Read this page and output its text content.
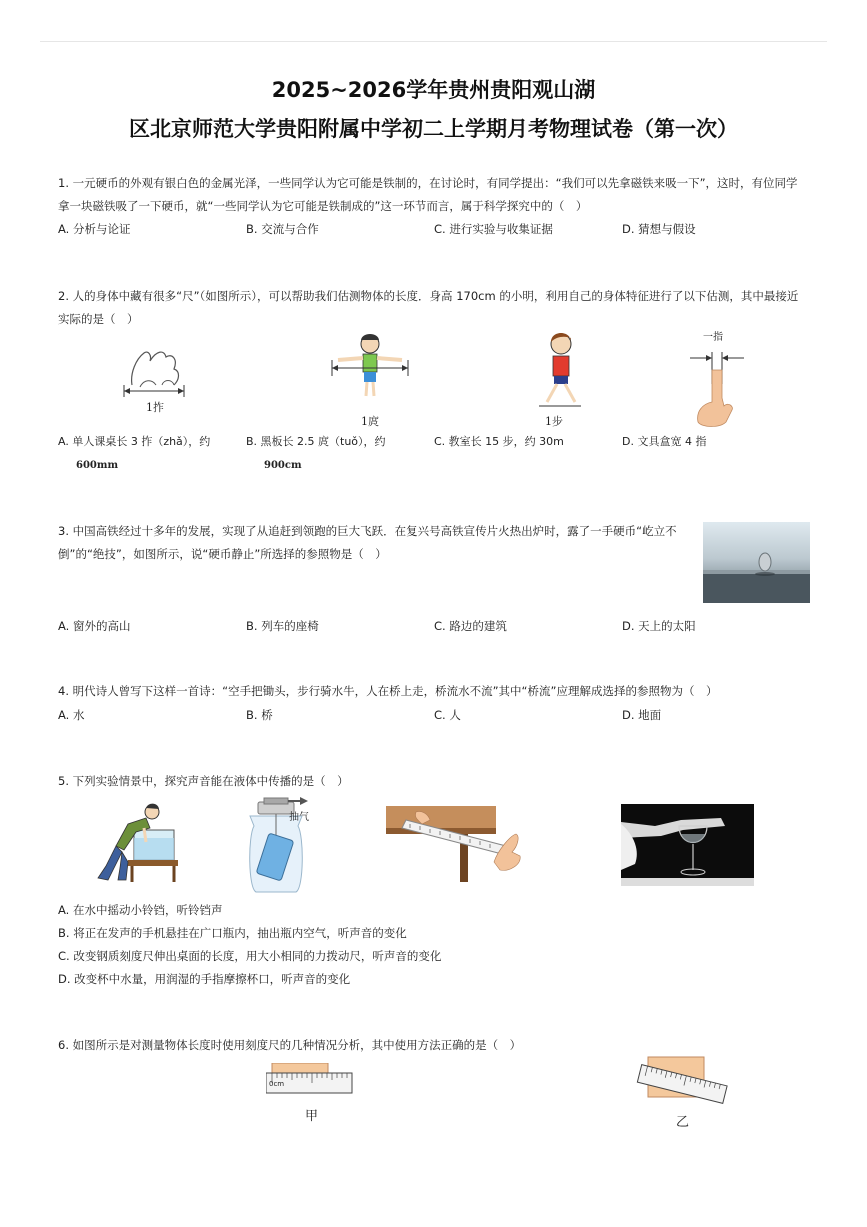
2025~2026学年贵州贵阳观山湖
区北京师范大学贵阳附属中学初二上学期月考物理试卷（第一次）
1. 一元硬币的外观有银白色的金属光泽，一些同学认为它可能是铁制的，在讨论时，有同学提出：“我们可以先拿磁铁来吸一下”，这时，有位同学拿一块磁铁吸了一下硬币，就“一些同学认为它可能是铁制成的”这一环节而言，属于科学探究中的（　）
A. 分析与论证	B. 交流与合作	C. 进行实验与收集证据	D. 猜想与假设
2. 人的身体中藏有很多“尺”（如图所示），可以帮助我们估测物体的长度．身高 170cm 的小明，利用自己的身体特征进行了以下估测，其中最接近实际的是（　）
1拃
1庹	1步
一指
A. 单人课桌长 3 拃（zhǎ），约
600mm
B. 黑板长 2.5 庹（tuǒ），约
900cm
C. 教室长 15 步，约 30m	D. 文具盒宽 4 指
3. 中国高铁经过十多年的发展，实现了从追赶到领跑的巨大飞跃．在复兴号高铁宣传片火热出炉时，露了一手硬币“屹立不倒”的“绝技”，如图所示，说“硬币静止”所选择的参照物是（　）
A. 窗外的高山	B. 列车的座椅	C. 路边的建筑	D. 天上的太阳
4. 明代诗人曾写下这样一首诗：“空手把锄头，步行骑水牛，人在桥上走，桥流水不流”其中“桥流”应理解成选择的参照物为（　）
A. 水	B. 桥	C. 人	D. 地面
5. 下列实验情景中，探究声音能在液体中传播的是（　）
抽气
A. 在水中摇动小铃铛，听铃铛声
B. 将正在发声的手机悬挂在广口瓶内，抽出瓶内空气，听声音的变化
C. 改变钢质刻度尺伸出桌面的长度，用大小相同的力拨动尺，听声音的变化
D. 改变杯中水量，用润湿的手指摩擦杯口，听声音的变化
6. 如图所示是对测量物体长度时使用刻度尺的几种情况分析，其中使用方法正确的是（　）
0cm
甲	乙
